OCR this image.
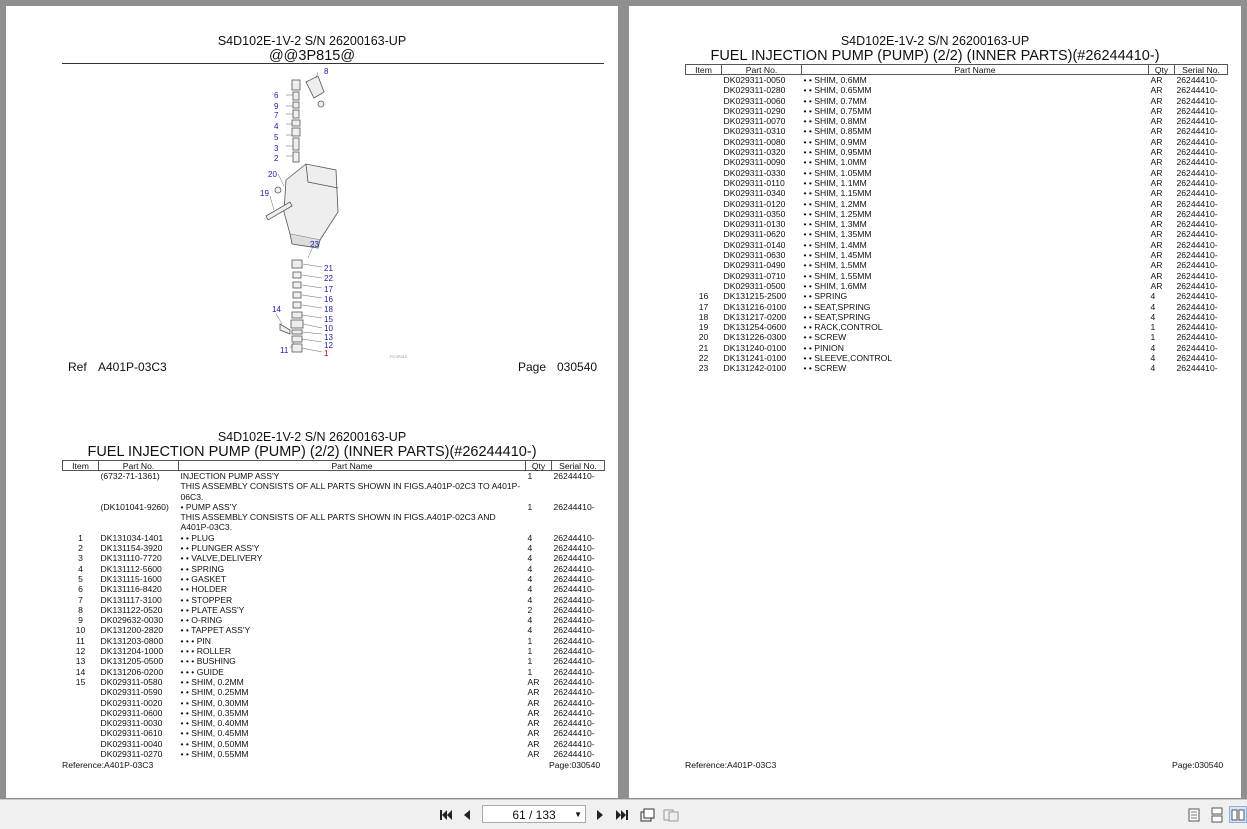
S4D102E-1V-2 S/N 26200163-UP
@@3P815@
8
6
9
7
4
5
3
2
20
19
23
21
22
17
16
18
14
15
10
13
12
11	1	PC3P815
Ref A401P-03C3	Page 030540
S4D102E-1V-2 S/N 26200163-UP
FUEL INJECTION PUMP (PUMP) (2/2) (INNER PARTS)(#26244410-)
Item	Part No.	Part Name	Qty	Serial No.
	(6732-71-1361)	INJECTION PUMP ASS'Y	1	26244410-
		THIS ASSEMBLY CONSISTS OF ALL PARTS SHOWN IN FIGS.A401P-02C3 TO A401P-06C3.		
	(DK101041-9260)	• PUMP ASS'Y	1	26244410-
		THIS ASSEMBLY CONSISTS OF ALL PARTS SHOWN IN FIGS.A401P-02C3 AND A401P-03C3.		
1	DK131034-1401	• • PLUG	4	26244410-
2	DK131154-3920	• • PLUNGER ASS'Y	4	26244410-
3	DK131110-7720	• • VALVE,DELIVERY	4	26244410-
4	DK131112-5600	• • SPRING	4	26244410-
5	DK131115-1600	• • GASKET	4	26244410-
6	DK131116-8420	• • HOLDER	4	26244410-
7	DK131117-3100	• • STOPPER	4	26244410-
8	DK131122-0520	• • PLATE ASS'Y	2	26244410-
9	DK029632-0030	• • O-RING	4	26244410-
10	DK131200-2820	• • TAPPET ASS'Y	4	26244410-
11	DK131203-0800	• • • PIN	1	26244410-
12	DK131204-1000	• • • ROLLER	1	26244410-
13	DK131205-0500	• • • BUSHING	1	26244410-
14	DK131206-0200	• • • GUIDE	1	26244410-
15	DK029311-0580	• • SHIM, 0.2MM	AR	26244410-
	DK029311-0590	• • SHIM, 0.25MM	AR	26244410-
	DK029311-0020	• • SHIM, 0.30MM	AR	26244410-
	DK029311-0600	• • SHIM, 0.35MM	AR	26244410-
	DK029311-0030	• • SHIM, 0.40MM	AR	26244410-
	DK029311-0610	• • SHIM, 0.45MM	AR	26244410-
	DK029311-0040	• • SHIM, 0.50MM	AR	26244410-
	DK029311-0270	• • SHIM, 0.55MM	AR	26244410-
Reference:A401P-03C3	Page:030540
S4D102E-1V-2 S/N 26200163-UP
FUEL INJECTION PUMP (PUMP) (2/2) (INNER PARTS)(#26244410-)
Item	Part No.	Part Name	Qty	Serial No.
	DK029311-0050	• • SHIM, 0.6MM	AR	26244410-
	DK029311-0280	• • SHIM, 0.65MM	AR	26244410-
	DK029311-0060	• • SHIM, 0.7MM	AR	26244410-
	DK029311-0290	• • SHIM, 0.75MM	AR	26244410-
	DK029311-0070	• • SHIM, 0.8MM	AR	26244410-
	DK029311-0310	• • SHIM, 0.85MM	AR	26244410-
	DK029311-0080	• • SHIM, 0.9MM	AR	26244410-
	DK029311-0320	• • SHIM, 0.95MM	AR	26244410-
	DK029311-0090	• • SHIM, 1.0MM	AR	26244410-
	DK029311-0330	• • SHIM, 1.05MM	AR	26244410-
	DK029311-0110	• • SHIM, 1.1MM	AR	26244410-
	DK029311-0340	• • SHIM, 1.15MM	AR	26244410-
	DK029311-0120	• • SHIM, 1.2MM	AR	26244410-
	DK029311-0350	• • SHIM, 1.25MM	AR	26244410-
	DK029311-0130	• • SHIM, 1.3MM	AR	26244410-
	DK029311-0620	• • SHIM, 1.35MM	AR	26244410-
	DK029311-0140	• • SHIM, 1.4MM	AR	26244410-
	DK029311-0630	• • SHIM, 1.45MM	AR	26244410-
	DK029311-0490	• • SHIM, 1.5MM	AR	26244410-
	DK029311-0710	• • SHIM, 1.55MM	AR	26244410-
	DK029311-0500	• • SHIM, 1.6MM	AR	26244410-
16	DK131215-2500	• • SPRING	4	26244410-
17	DK131216-0100	• • SEAT,SPRING	4	26244410-
18	DK131217-0200	• • SEAT,SPRING	4	26244410-
19	DK131254-0600	• • RACK,CONTROL	1	26244410-
20	DK131226-0300	• • SCREW	1	26244410-
21	DK131240-0100	• • PINION	4	26244410-
22	DK131241-0100	• • SLEEVE,CONTROL	4	26244410-
23	DK131242-0100	• • SCREW	4	26244410-
Reference:A401P-03C3	Page:030540
61 / 133 ▼
